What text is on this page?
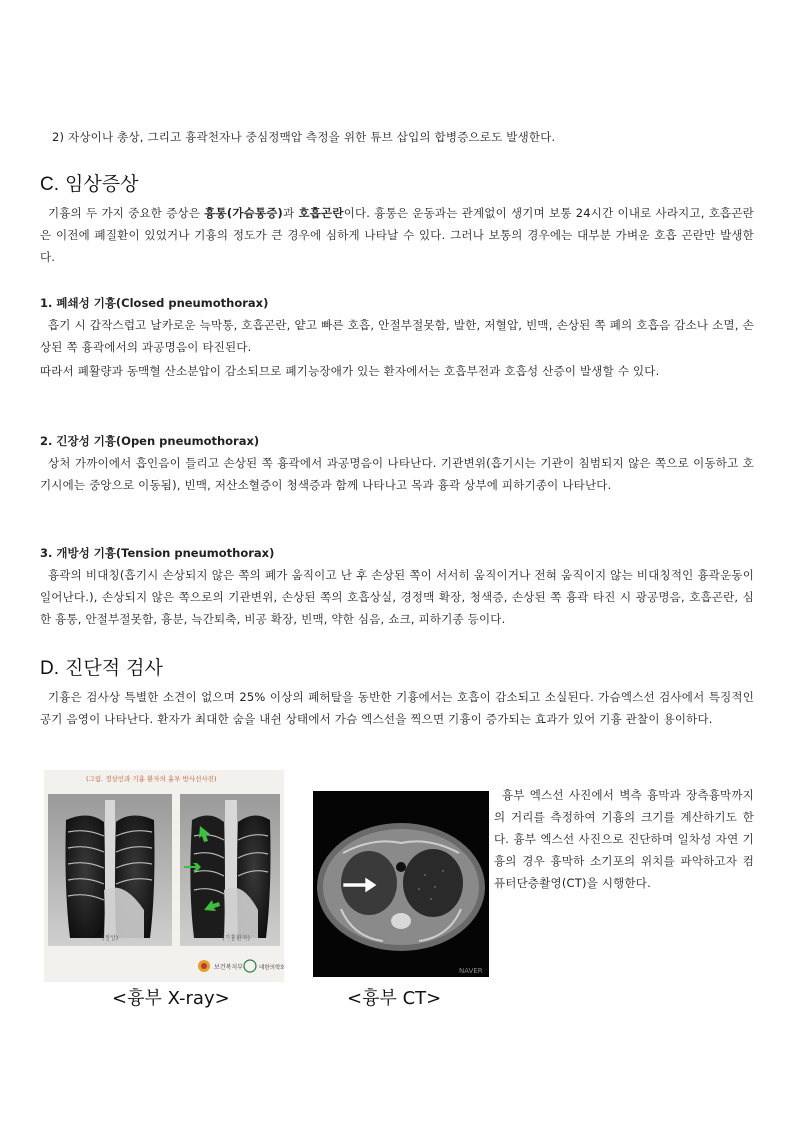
2) 자상이나 총상, 그리고 흉곽천자나 중심정맥압 측정을 위한 튜브 삽입의 합병증으로도 발생한다.
C. 임상증상
기흉의 두 가지 중요한 증상은 흉통(가슴통증)과 호흡곤란이다. 흉통은 운동과는 관계없이 생기며 보통 24시간 이내로 사라지고, 호흡곤란은 이전에 폐질환이 있었거나 기흉의 정도가 큰 경우에 심하게 나타날 수 있다. 그러나 보통의 경우에는 대부분 가벼운 호흡 곤란만 발생한다.
1. 폐쇄성 기흉(Closed pneumothorax)
흡기 시 갑작스럽고 날카로운 늑막통, 호흡곤란, 얕고 빠른 호흡, 안절부절못함, 발한, 저혈압, 빈맥, 손상된 쪽 폐의 호흡음 감소나 소멸, 손상된 쪽 흉곽에서의 과공명음이 타진된다.
따라서 폐활량과 동맥혈 산소분압이 감소되므로 폐기능장애가 있는 환자에서는 호흡부전과 호흡성 산증이 발생할 수 있다.
2. 긴장성 기흉(Open pneumothorax)
상처 가까이에서 흡인음이 들리고 손상된 쪽 흉곽에서 과공명음이 나타난다. 기관변위(흡기시는 기관이 침범되지 않은 쪽으로 이동하고 호기시에는 중앙으로 이동됨), 빈맥, 저산소혈증이 청색증과 함께 나타나고 목과 흉곽 상부에 피하기종이 나타난다.
3. 개방성 기흉(Tension pneumothorax)
흉곽의 비대칭(흡기시 손상되지 않은 쪽의 폐가 움직이고 난 후 손상된 쪽이 서서히 움직이거나 전혀 움직이지 않는 비대칭적인 흉곽운동이 일어난다.), 손상되지 않은 쪽으로의 기관변위, 손상된 쪽의 호흡상실, 경정맥 확장, 청색증, 손상된 쪽 흉곽 타진 시 광공명음, 호흡곤란, 심한 흉통, 안절부절못함, 흉분, 늑간퇴축, 비공 확장, 빈맥, 약한 심음, 쇼크, 피하기종 등이다.
D. 진단적 검사
기흉은 검사상 특별한 소견이 없으며 25% 이상의 폐허탈을 동반한 기흉에서는 호흡이 감소되고 소실된다. 가슴엑스선 검사에서 특징적인 공기 음영이 나타난다. 환자가 최대한 숨을 내쉰 상태에서 가슴 엑스선을 찍으면 기흉이 증가되는 효과가 있어 기흉 관찰이 용이하다.
(그림. 정상인과 기흉 환자의 흉부 방사선사진)
(정상)	(기흉환자)
보건복지부	대한의학회	NAVER
흉부 엑스선 사진에서 벽측 흉막과 장측흉막까지의 거리를 측정하여 기흉의 크기를 계산하기도 한다. 흉부 엑스선 사진으로 진단하며 일차성 자연 기흉의 경우 흉막하 소기포의 위치를 파악하고자 컴퓨터단층촬영(CT)을 시행한다.
<흉부 X-ray>	<흉부 CT>
